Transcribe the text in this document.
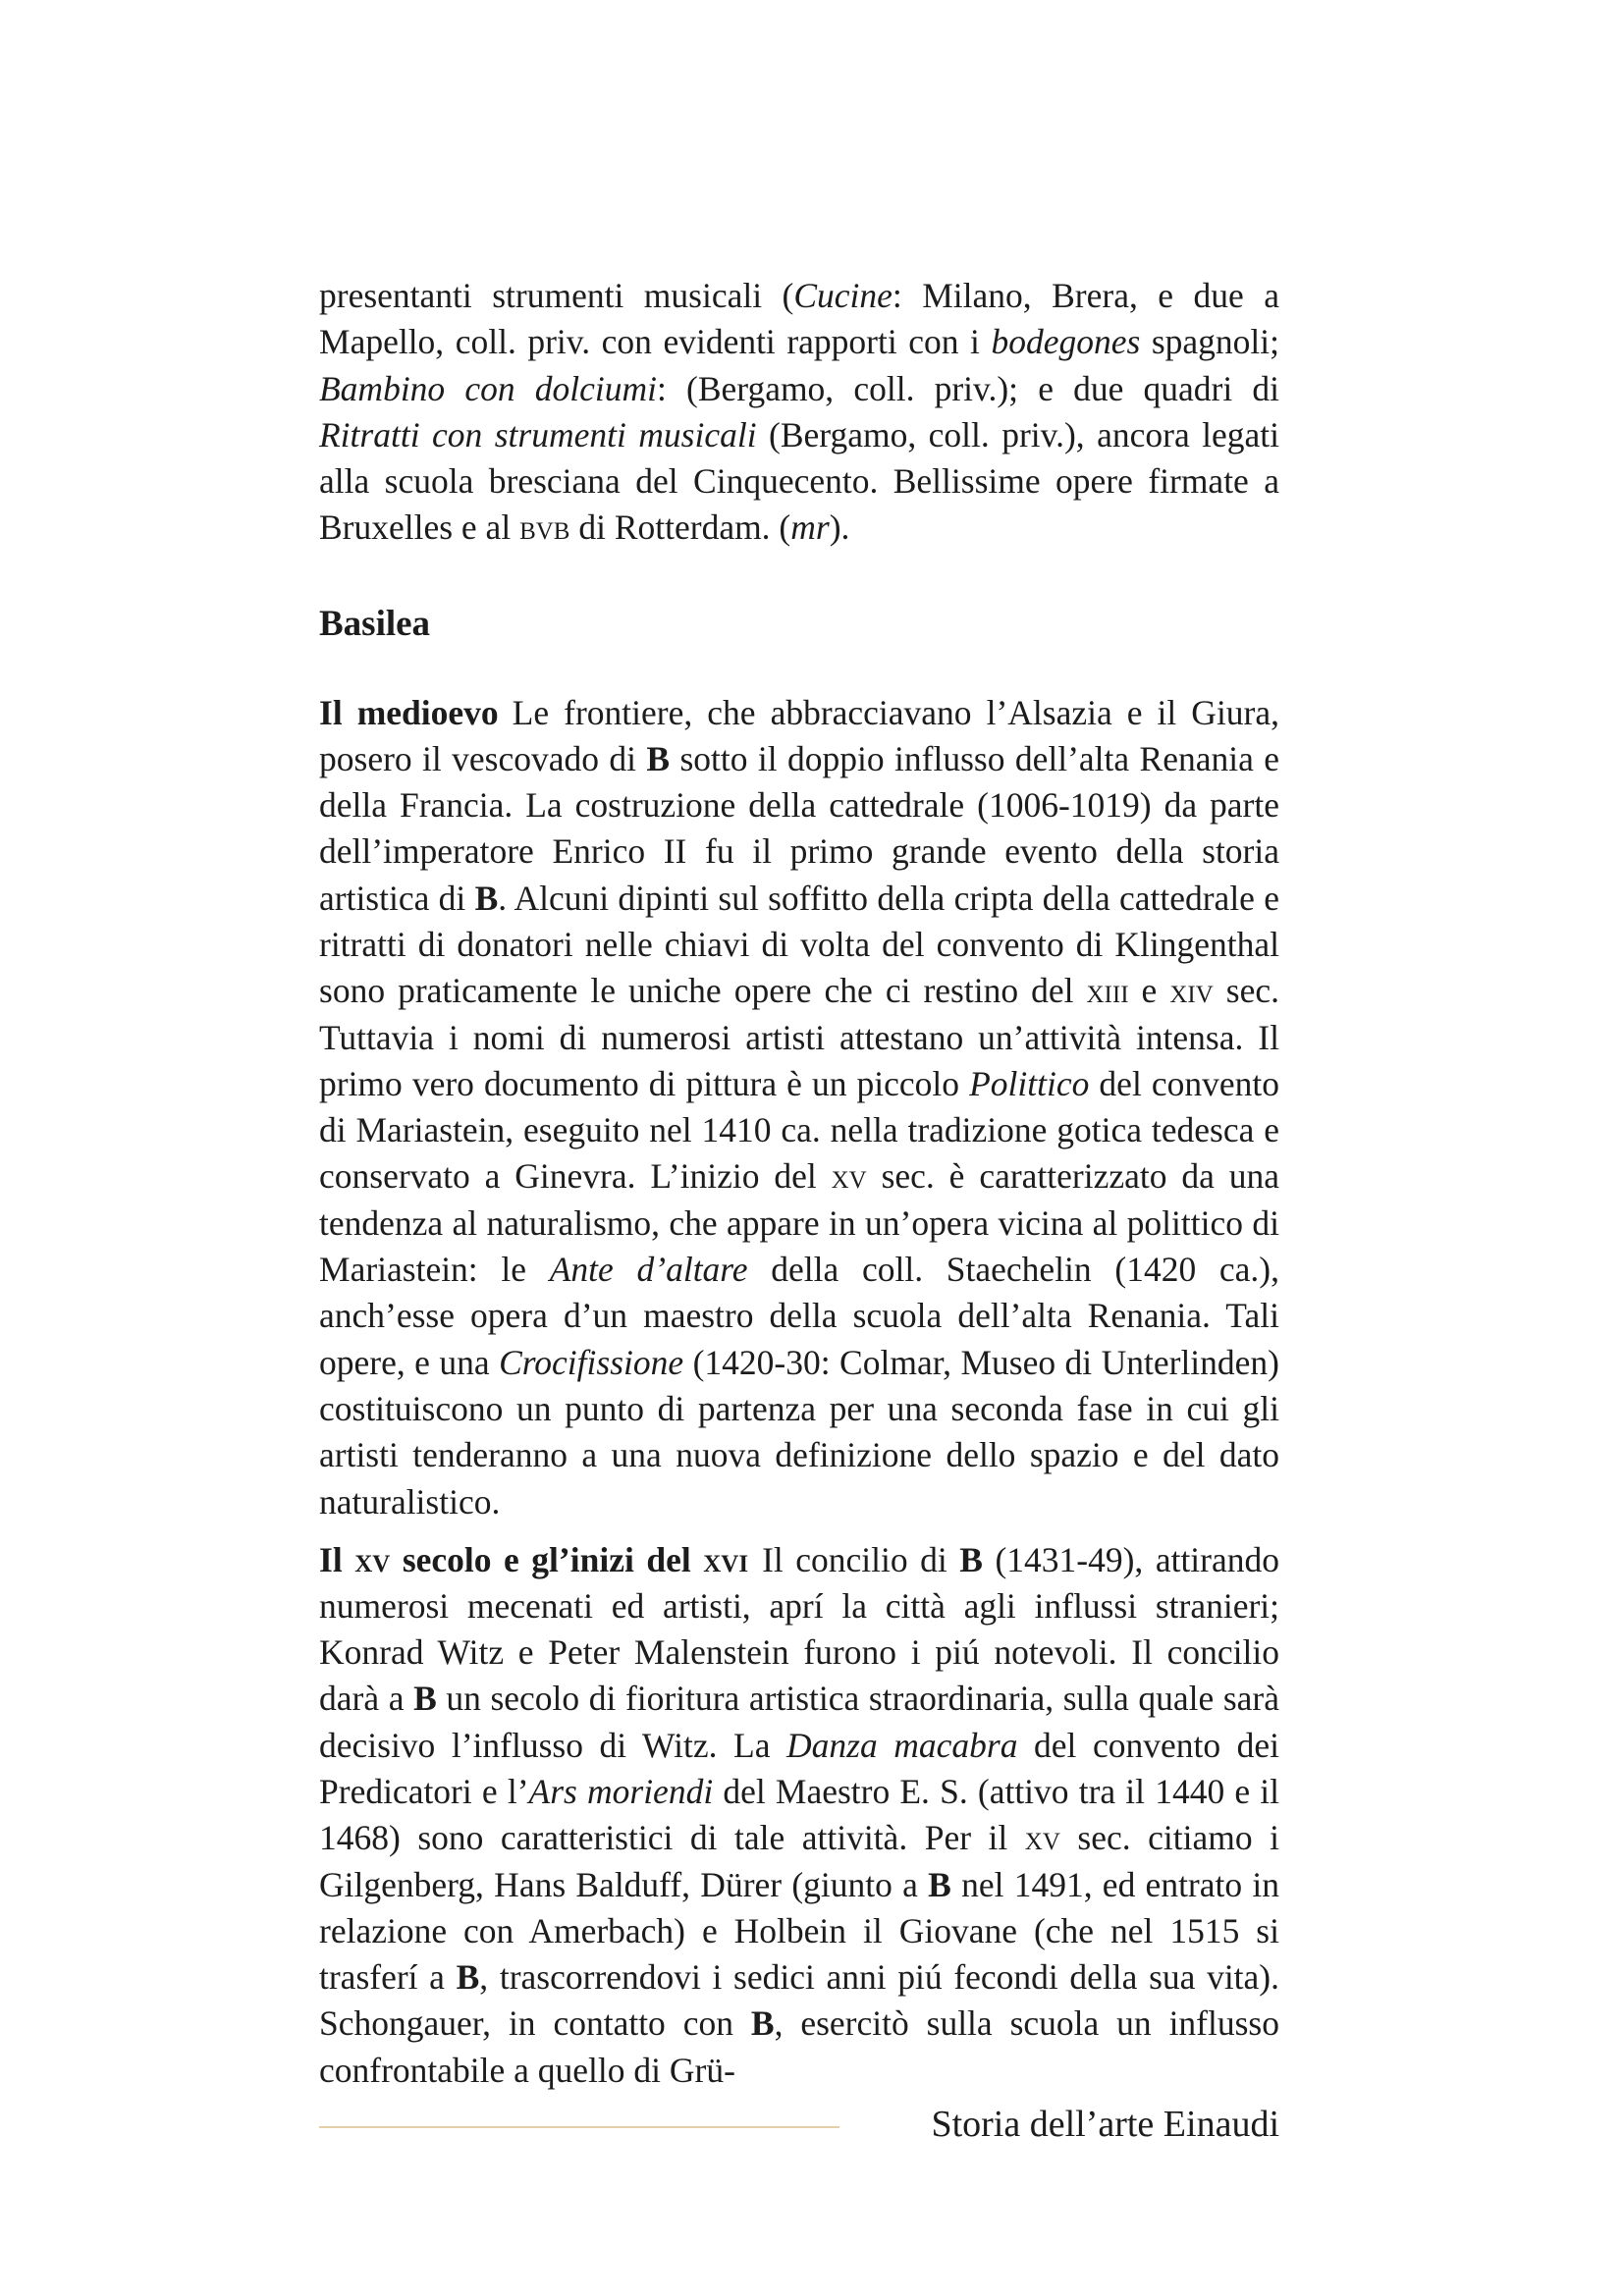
presentanti strumenti musicali (Cucine: Milano, Brera, e due a Mapello, coll. priv. con evidenti rapporti con i bodegones spagnoli; Bambino con dolciumi: (Bergamo, coll. priv.); e due quadri di Ritratti con strumenti musicali (Bergamo, coll. priv.), ancora legati alla scuola bresciana del Cinquecento. Bellissime opere firmate a Bruxelles e al bvb di Rotterdam. (mr).

Basilea

Il medioevo Le frontiere, che abbracciavano l’Alsazia e il Giura, posero il vescovado di B sotto il doppio influsso dell’alta Renania e della Francia. La costruzione della cattedrale (1006-1019) da parte dell’imperatore Enrico II fu il primo grande evento della storia artistica di B. Alcuni dipinti sul soffitto della cripta della cattedrale e ritratti di donatori nelle chiavi di volta del convento di Klingenthal sono praticamente le uniche opere che ci restino del xiii e xiv sec. Tuttavia i nomi di numerosi artisti attestano un’attività intensa. Il primo vero documento di pittura è un piccolo Polittico del convento di Mariastein, eseguito nel 1410 ca. nella tradizione gotica tedesca e conservato a Ginevra. L’inizio del xv sec. è caratterizzato da una tendenza al naturalismo, che appare in un’opera vicina al polittico di Mariastein: le Ante d’altare della coll. Staechelin (1420 ca.), anch’esse opera d’un maestro della scuola dell’alta Renania. Tali opere, e una Crocifissione (1420-30: Colmar, Museo di Unterlinden) costituiscono un punto di partenza per una seconda fase in cui gli artisti tenderanno a una nuova definizione dello spazio e del dato naturalistico.

Il xv secolo e gl’inizi del xvi Il concilio di B (1431-49), attirando numerosi mecenati ed artisti, aprí la città agli influssi stranieri; Konrad Witz e Peter Malenstein furono i piú notevoli. Il concilio darà a B un secolo di fioritura artistica straordinaria, sulla quale sarà decisivo l’influsso di Witz. La Danza macabra del convento dei Predicatori e l’Ars moriendi del Maestro E. S. (attivo tra il 1440 e il 1468) sono caratteristici di tale attività. Per il xv sec. citiamo i Gilgenberg, Hans Balduff, Dürer (giunto a B nel 1491, ed entrato in relazione con Amerbach) e Holbein il Giovane (che nel 1515 si trasferí a B, trascorrendovi i sedici anni piú fecondi della sua vita). Schongauer, in contatto con B, esercitò sulla scuola un influsso confrontabile a quello di Grü-

Storia dell’arte Einaudi
